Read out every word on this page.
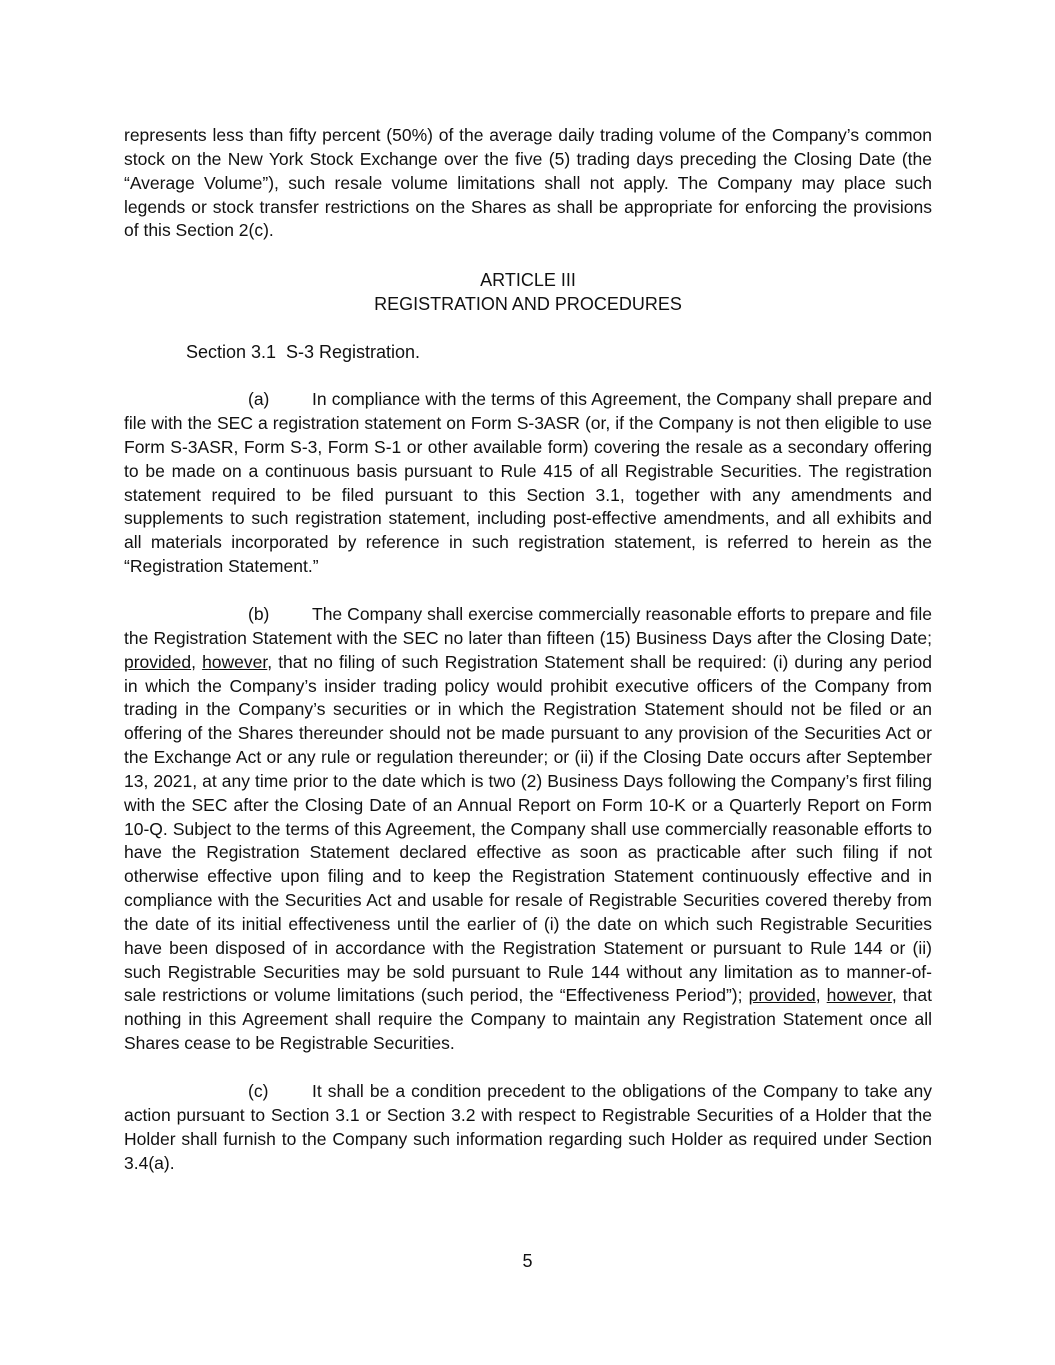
represents less than fifty percent (50%) of the average daily trading volume of the Company’s common stock on the New York Stock Exchange over the five (5) trading days preceding the Closing Date (the “Average Volume”), such resale volume limitations shall not apply. The Company may place such legends or stock transfer restrictions on the Shares as shall be appropriate for enforcing the provisions of this Section 2(c).

ARTICLE III

REGISTRATION AND PROCEDURES

Section 3.1 S-3 Registration.

(a) In compliance with the terms of this Agreement, the Company shall prepare and file with the SEC a registration statement on Form S-3ASR (or, if the Company is not then eligible to use Form S-3ASR, Form S-3, Form S-1 or other available form) covering the resale as a secondary offering to be made on a continuous basis pursuant to Rule 415 of all Registrable Securities. The registration statement required to be filed pursuant to this Section 3.1, together with any amendments and supplements to such registration statement, including post-effective amendments, and all exhibits and all materials incorporated by reference in such registration statement, is referred to herein as the “Registration Statement.”

(b) The Company shall exercise commercially reasonable efforts to prepare and file the Registration Statement with the SEC no later than fifteen (15) Business Days after the Closing Date; provided, however, that no filing of such Registration Statement shall be required: (i) during any period in which the Company’s insider trading policy would prohibit executive officers of the Company from trading in the Company’s securities or in which the Registration Statement should not be filed or an offering of the Shares thereunder should not be made pursuant to any provision of the Securities Act or the Exchange Act or any rule or regulation thereunder; or (ii) if the Closing Date occurs after September 13, 2021, at any time prior to the date which is two (2) Business Days following the Company’s first filing with the SEC after the Closing Date of an Annual Report on Form 10-K or a Quarterly Report on Form 10-Q. Subject to the terms of this Agreement, the Company shall use commercially reasonable efforts to have the Registration Statement declared effective as soon as practicable after such filing if not otherwise effective upon filing and to keep the Registration Statement continuously effective and in compliance with the Securities Act and usable for resale of Registrable Securities covered thereby from the date of its initial effectiveness until the earlier of (i) the date on which such Registrable Securities have been disposed of in accordance with the Registration Statement or pursuant to Rule 144 or (ii) such Registrable Securities may be sold pursuant to Rule 144 without any limitation as to manner-of-sale restrictions or volume limitations (such period, the “Effectiveness Period”); provided, however, that nothing in this Agreement shall require the Company to maintain any Registration Statement once all Shares cease to be Registrable Securities.

(c) It shall be a condition precedent to the obligations of the Company to take any action pursuant to Section 3.1 or Section 3.2 with respect to Registrable Securities of a Holder that the Holder shall furnish to the Company such information regarding such Holder as required under Section 3.4(a).

5
